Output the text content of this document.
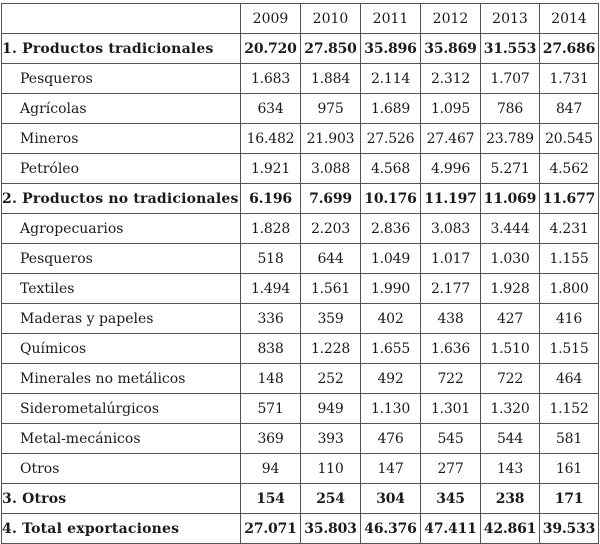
	2009	2010	2011	2012	2013	2014
1. Productos tradicionales	20.720	27.850	35.896	35.869	31.553	27.686
Pesqueros	1.683	1.884	2.114	2.312	1.707	1.731
Agrícolas	634	975	1.689	1.095	786	847
Mineros	16.482	21.903	27.526	27.467	23.789	20.545
Petróleo	1.921	3.088	4.568	4.996	5.271	4.562
2. Productos no tradicionales	6.196	7.699	10.176	11.197	11.069	11.677
Agropecuarios	1.828	2.203	2.836	3.083	3.444	4.231
Pesqueros	518	644	1.049	1.017	1.030	1.155
Textiles	1.494	1.561	1.990	2.177	1.928	1.800
Maderas y papeles	336	359	402	438	427	416
Químicos	838	1.228	1.655	1.636	1.510	1.515
Minerales no metálicos	148	252	492	722	722	464
Siderometalúrgicos	571	949	1.130	1.301	1.320	1.152
Metal-mecánicos	369	393	476	545	544	581
Otros	94	110	147	277	143	161
3. Otros	154	254	304	345	238	171
4. Total exportaciones	27.071	35.803	46.376	47.411	42.861	39.533
